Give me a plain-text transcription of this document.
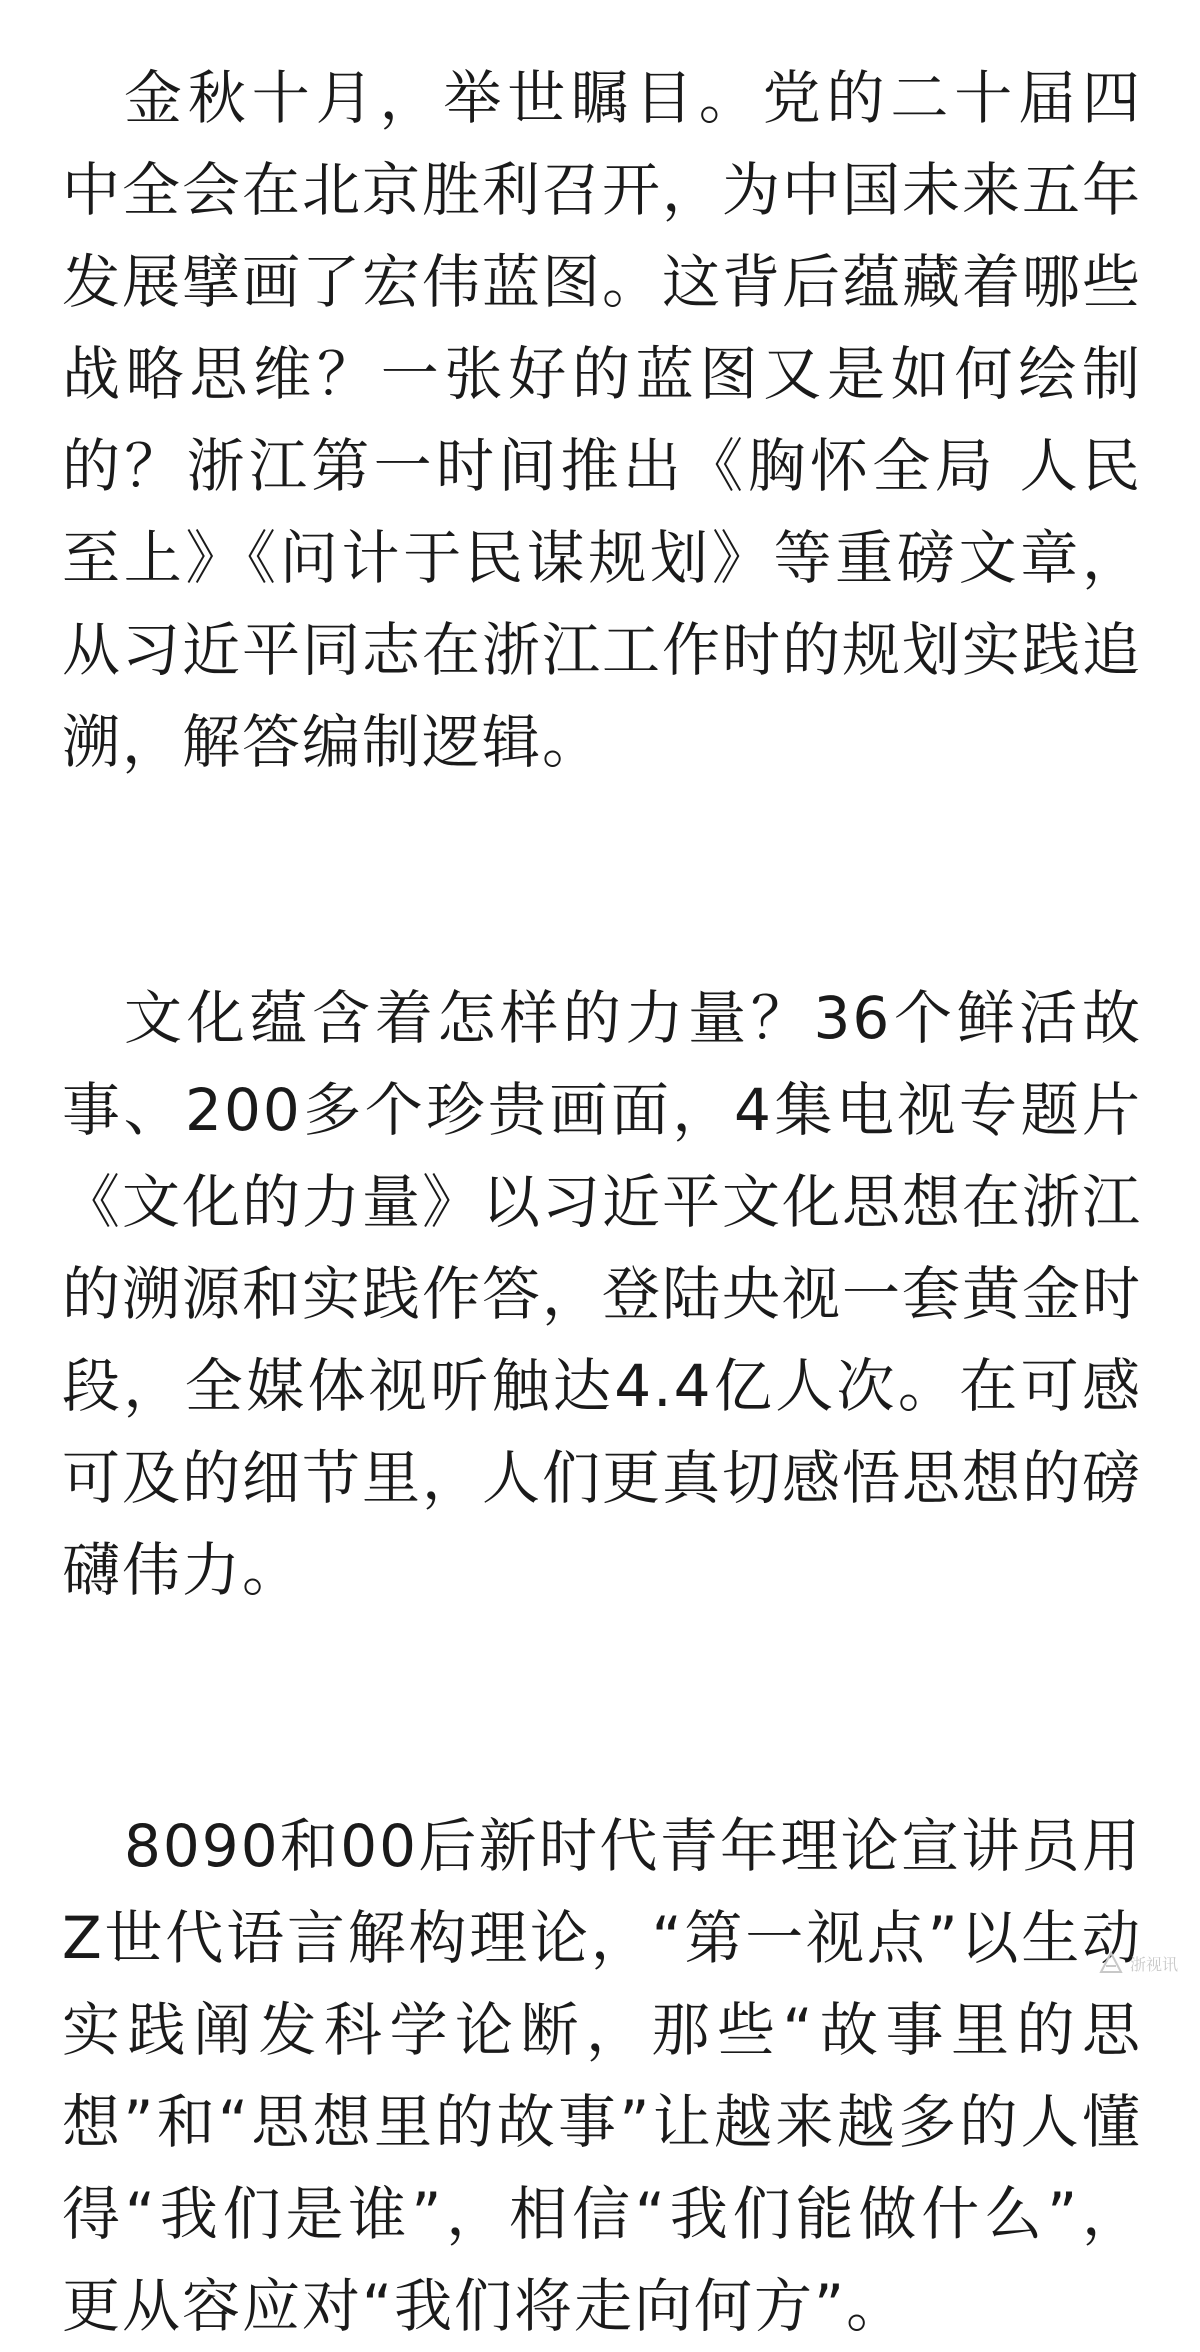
金秋十月，举世瞩目。党的二十届四中全会在北京胜利召开，为中国未来五年发展擘画了宏伟蓝图。这背后蕴藏着哪些战略思维？一张好的蓝图又是如何绘制的？浙江第一时间推出《胸怀全局 人民至上》《问计于民谋规划》等重磅文章，从习近平同志在浙江工作时的规划实践追溯，解答编制逻辑。

文化蕴含着怎样的力量？36个鲜活故事、200多个珍贵画面，4集电视专题片《文化的力量》以习近平文化思想在浙江的溯源和实践作答，登陆央视一套黄金时段，全媒体视听触达4.4亿人次。在可感可及的细节里，人们更真切感悟思想的磅礴伟力。

8090和00后新时代青年理论宣讲员用Z世代语言解构理论，“第一视点”以生动实践阐发科学论断，那些“故事里的思想”和“思想里的故事”让越来越多的人懂得“我们是谁”，相信“我们能做什么”，更从容应对“我们将走向何方”。

浙视讯
